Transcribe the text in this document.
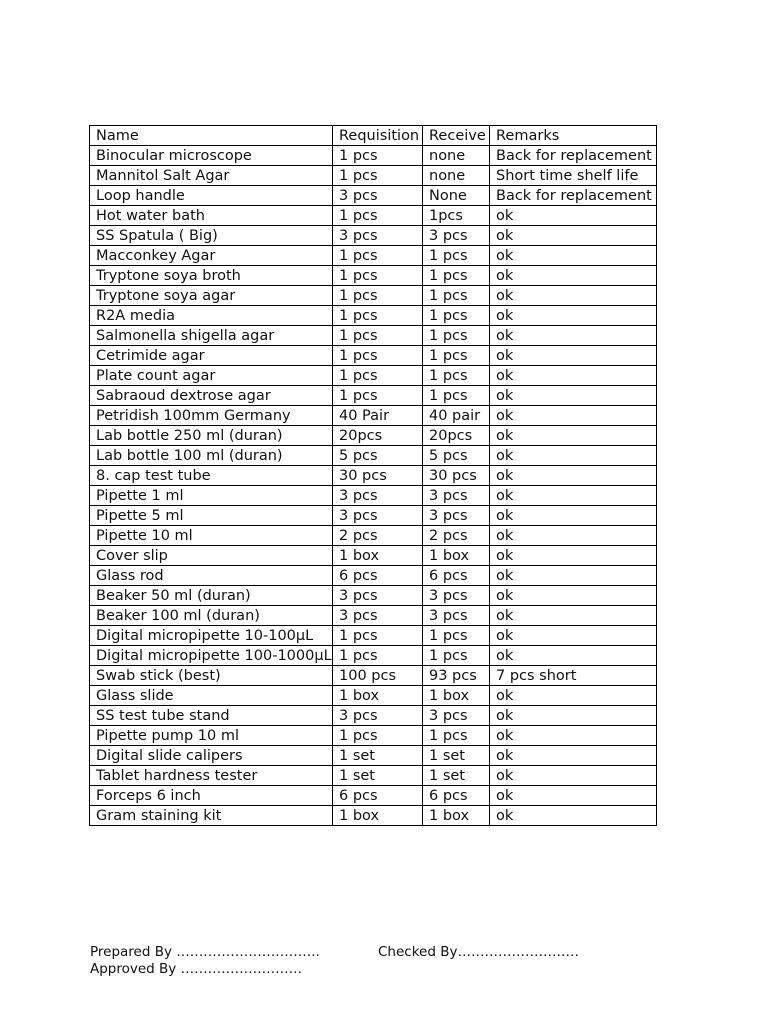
Name	Requisition	Receive	Remarks
Binocular microscope	1 pcs	none	Back for replacement
Mannitol Salt Agar	1 pcs	none	Short time shelf life
Loop handle	3 pcs	None	Back for replacement
Hot water bath	1 pcs	1pcs	ok
SS Spatula ( Big)	3 pcs	3 pcs	ok
Macconkey Agar	1 pcs	1 pcs	ok
Tryptone soya broth	1 pcs	1 pcs	ok
Tryptone soya agar	1 pcs	1 pcs	ok
R2A media	1 pcs	1 pcs	ok
Salmonella shigella agar	1 pcs	1 pcs	ok
Cetrimide agar	1 pcs	1 pcs	ok
Plate count agar	1 pcs	1 pcs	ok
Sabraoud dextrose agar	1 pcs	1 pcs	ok
Petridish 100mm Germany	40 Pair	40 pair	ok
Lab bottle 250 ml (duran)	20pcs	20pcs	ok
Lab bottle 100 ml (duran)	5 pcs	5 pcs	ok
8. cap test tube	30 pcs	30 pcs	ok
Pipette 1 ml	3 pcs	3 pcs	ok
Pipette 5 ml	3 pcs	3 pcs	ok
Pipette 10 ml	2 pcs	2 pcs	ok
Cover slip	1 box	1 box	ok
Glass rod	6 pcs	6 pcs	ok
Beaker 50 ml (duran)	3 pcs	3 pcs	ok
Beaker 100 ml (duran)	3 pcs	3 pcs	ok
Digital micropipette 10-100µL	1 pcs	1 pcs	ok
Digital micropipette 100-1000µL	1 pcs	1 pcs	ok
Swab stick (best)	100 pcs	93 pcs	7 pcs short
Glass slide	1 box	1 box	ok
SS test tube stand	3 pcs	3 pcs	ok
Pipette pump 10 ml	1 pcs	1 pcs	ok
Digital slide calipers	1 set	1 set	ok
Tablet hardness tester	1 set	1 set	ok
Forceps 6 inch	6 pcs	6 pcs	ok
Gram staining kit	1 box	1 box	ok
Prepared By …………………………..	Checked By………………………
Approved By ………………………
